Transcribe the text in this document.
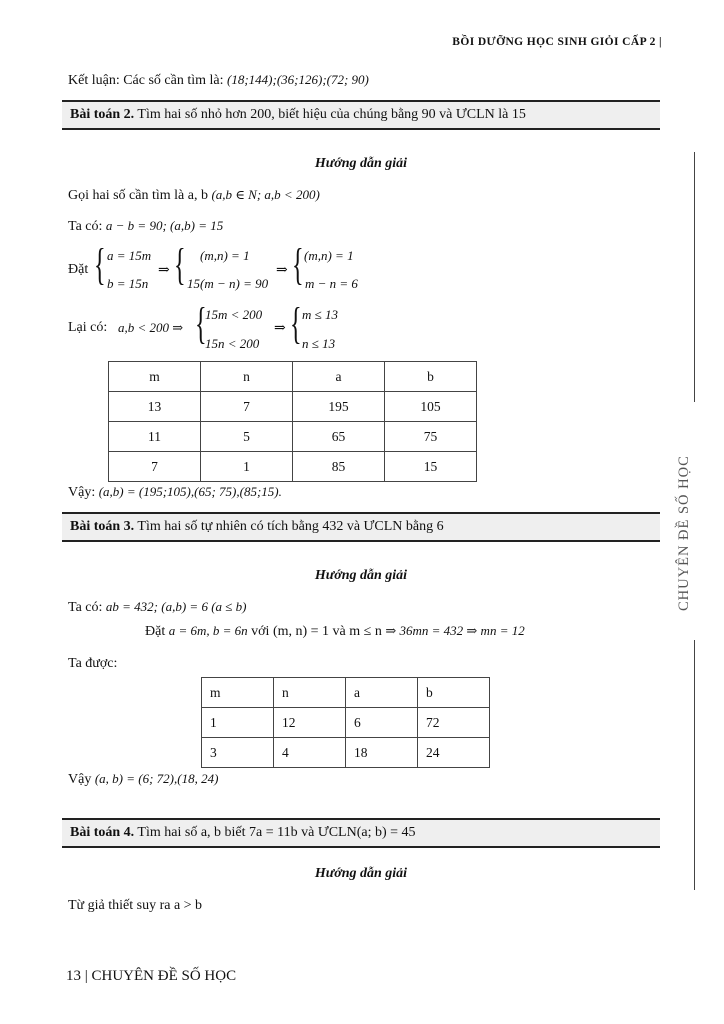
BỒI DƯỠNG HỌC SINH GIỎI CẤP 2 |
Kết luận: Các số cần tìm là: (18;144);(36;126);(72; 90)
Bài toán 2. Tìm hai số nhỏ hơn 200, biết hiệu của chúng bằng 90 và ƯCLN là 15
Hướng dẫn giải
Gọi hai số cần tìm là a, b (a,b ∈ N; a,b < 200)
Ta có: a − b = 90; (a,b) = 15
Đặt { a = 15m
b = 15n
⇒ { (m,n) = 1
15(m − n) = 90
⇒ { (m,n) = 1
m − n = 6
Lại có: a,b < 200 ⇒ {
15m < 200
15n < 200
⇒ { m ≤ 13
n ≤ 13
m	n	a	b
13	7	195	105
11	5	65	75
7	1	85	15
Vậy: (a,b) = (195;105),(65; 75),(85;15).
Bài toán 3. Tìm hai số tự nhiên có tích bằng 432 và ƯCLN bằng 6
Hướng dẫn giải
Ta có: ab = 432; (a,b) = 6 (a ≤ b)
Đặt a = 6m, b = 6n với (m, n) = 1 và m ≤ n ⇒ 36mn = 432 ⇒ mn = 12
Ta được:
m	n	a	b
1	12	6	72
3	4	18	24
Vậy (a, b) = (6; 72),(18, 24)
Bài toán 4. Tìm hai số a, b biết 7a = 11b và ƯCLN(a; b) = 45
Hướng dẫn giải
Từ giả thiết suy ra a > b
CHUYÊN ĐỀ SỐ HỌC
13 | CHUYÊN ĐỀ SỐ HỌC
